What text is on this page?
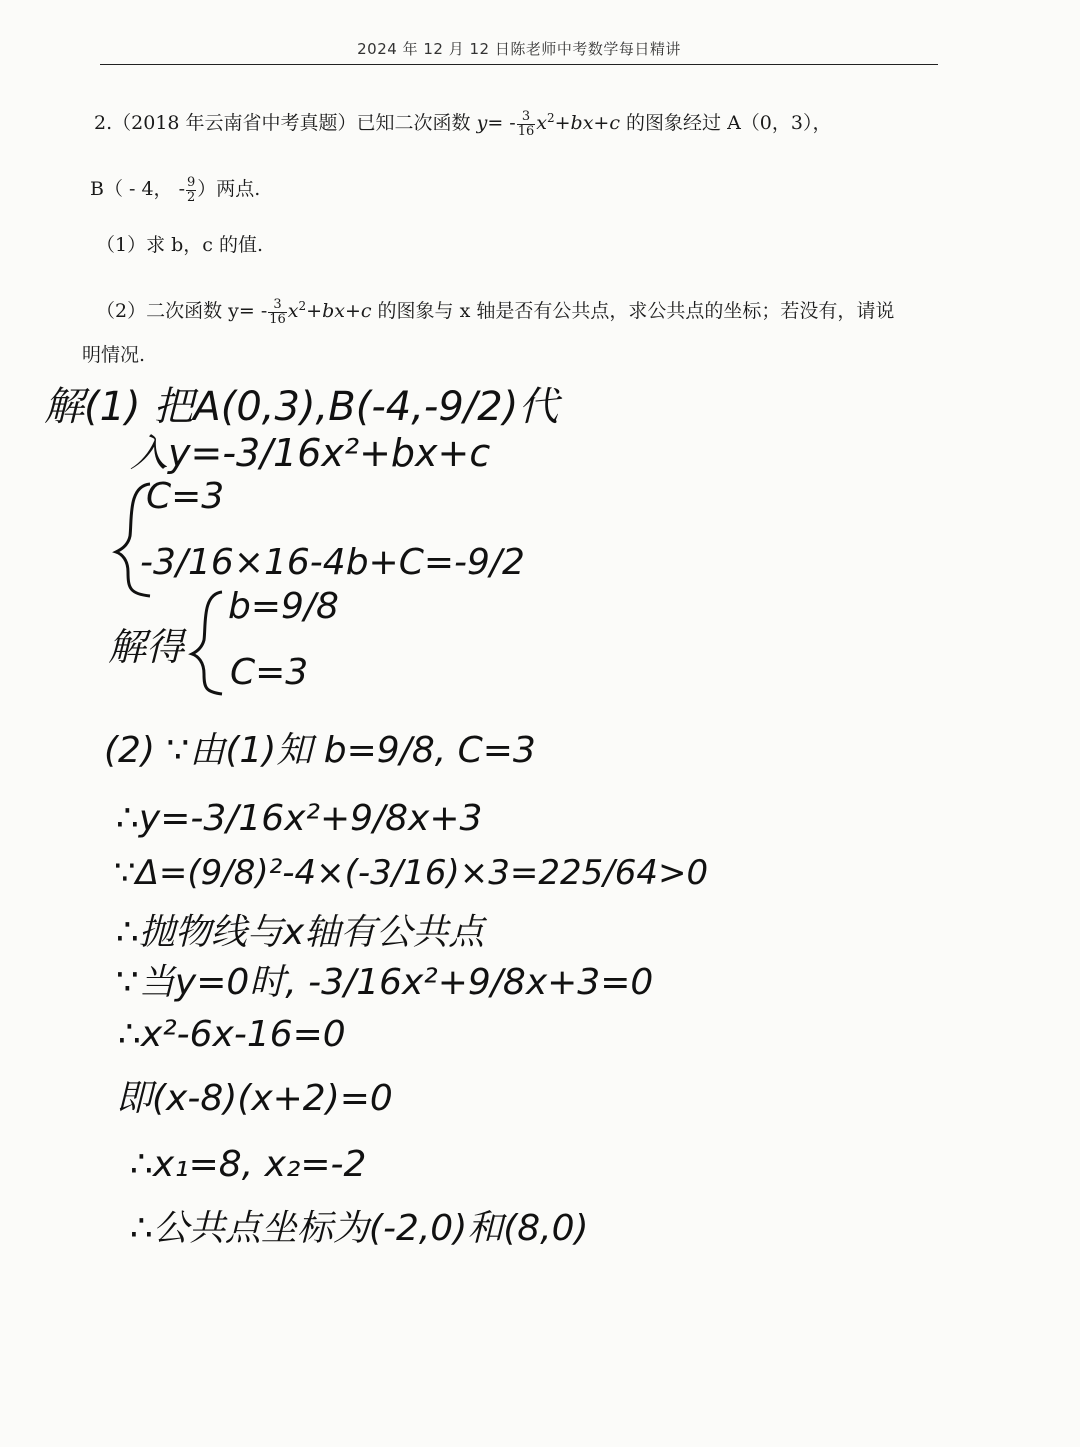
2024 年 12 月 12 日陈老师中考数学每日精讲
2.（2018 年云南省中考真题）已知二次函数 $y= - \frac{3}{16} x^2+bx+c$ 的图象经过 A（0，3），
B（ - 4， - $\frac{9}{2}$ ）两点.
（1）求 b，c 的值.
（2）二次函数 $y= - \frac{3}{16} x^2+bx+c$ 的图象与 x 轴是否有公共点，求公共点的坐标；若没有，请说
明情况.
解(1) 把A(0,3),B(-4,-9/2)代
入y=-3/16x²+bx+c
C=3
-3/16×16-4b+C=-9/2
解得
b=9/8
C=3
(2) ∵由(1)知 b=9/8, C=3
∴y=-3/16x²+9/8x+3
∵Δ=(9/8)²-4×(-3/16)×3=225/64>0
∴抛物线与x轴有公共点
∵当y=0时, -3/16x²+9/8x+3=0
∴x²-6x-16=0
即(x-8)(x+2)=0
∴x₁=8, x₂=-2
∴公共点坐标为(-2,0)和(8,0)
